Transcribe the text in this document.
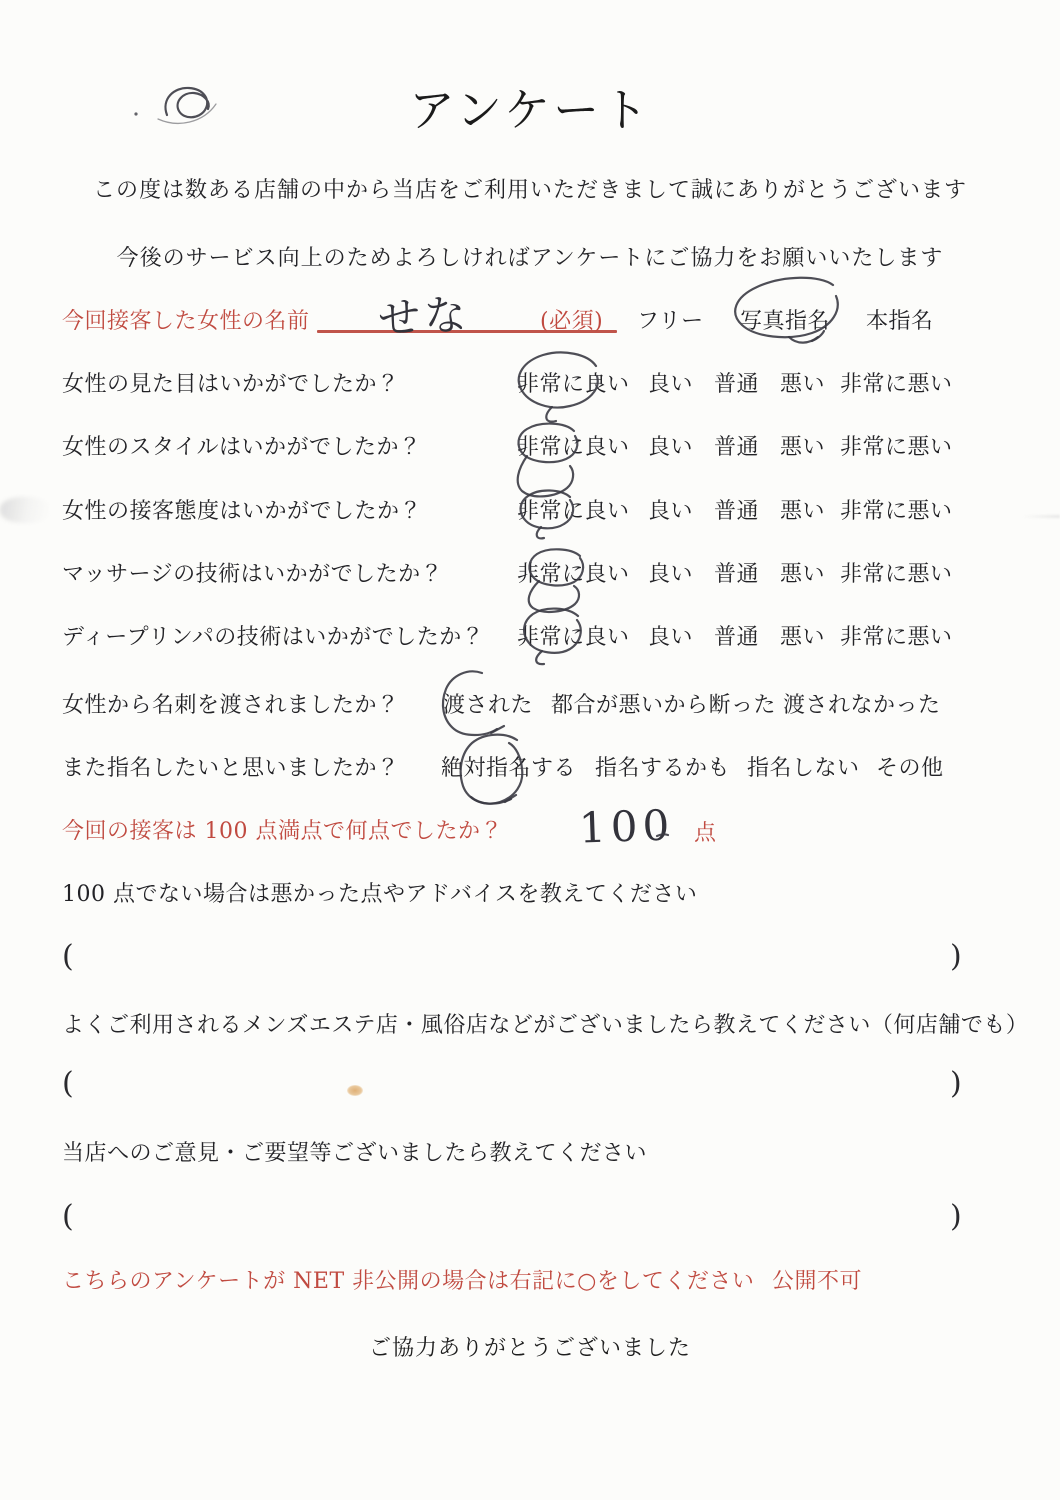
アンケート
この度は数ある店舗の中から当店をご利用いただきまして誠にありがとうございます
今後のサービス向上のためよろしければアンケートにご協力をお願いいたします
今回接客した女性の名前 せな	(必須) フリー 写真指名 本指名
女性の見た目はいかがでしたか？	非常に良い 良い 普通 悪い 非常に悪い
女性のスタイルはいかがでしたか？	非常に良い 良い 普通 悪い 非常に悪い
女性の接客態度はいかがでしたか？	非常に良い 良い 普通 悪い 非常に悪い
マッサージの技術はいかがでしたか？	非常に良い 良い 普通 悪い 非常に悪い
ディープリンパの技術はいかがでしたか？ 非常に良い 良い 普通 悪い 非常に悪い
女性から名刺を渡されましたか？ 渡された 都合が悪いから断った 渡されなかった
また指名したいと思いましたか？ 絶対指名する 指名するかも 指名しない その他
今回の接客は 100 点満点で何点でしたか？ 100 点
100 点でない場合は悪かった点やアドバイスを教えてください
(	)
よくご利用されるメンズエステ店・風俗店などがございましたら教えてください（何店舗でも）
(	)
当店へのご意見・ご要望等ございましたら教えてください
(	)
こちらのアンケートが NET 非公開の場合は右記に○をしてください 公開不可
ご協力ありがとうございました
